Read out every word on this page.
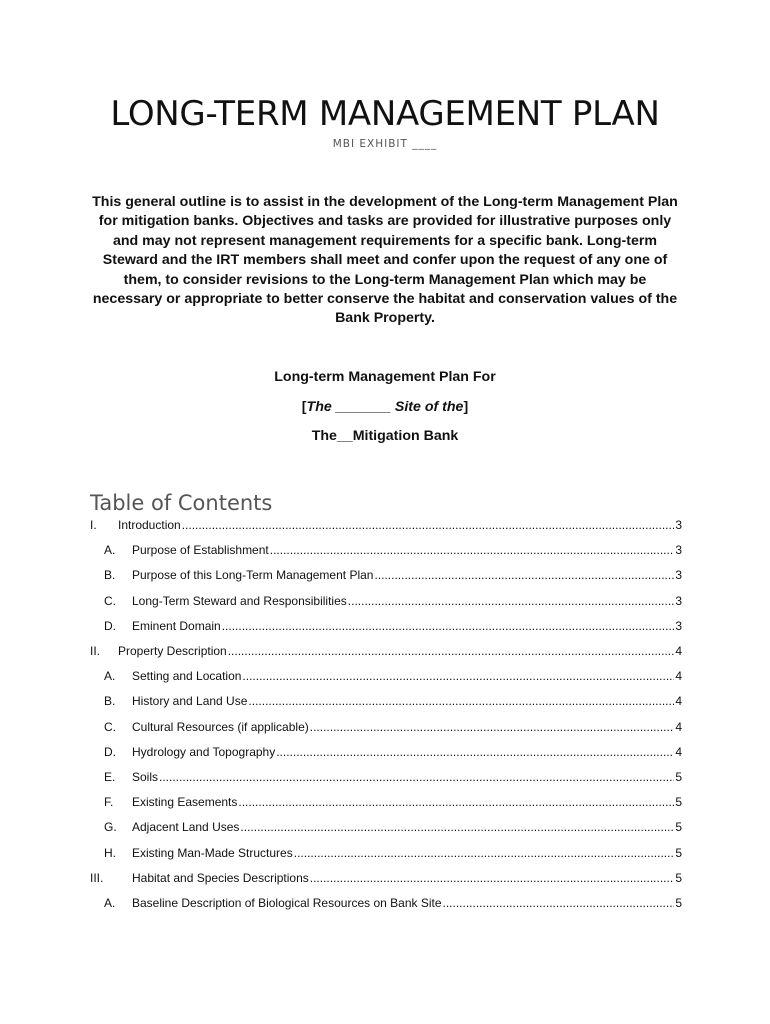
LONG-TERM MANAGEMENT PLAN
MBI EXHIBIT ____

This general outline is to assist in the development of the Long-term Management Plan for mitigation banks. Objectives and tasks are provided for illustrative purposes only and may not represent management requirements for a specific bank. Long-term Steward and the IRT members shall meet and confer upon the request of any one of them, to consider revisions to the Long-term Management Plan which may be necessary or appropriate to better conserve the habitat and conservation values of the Bank Property.

Long-term Management Plan For
[The _______ Site of the]
The__Mitigation Bank
Table of Contents
I.	Introduction .....	3
A.	Purpose of Establishment .....	3
B.	Purpose of this Long-Term Management Plan .....	3
C.	Long-Term Steward and Responsibilities .....	3
D.	Eminent Domain .....	3
II.	Property Description .....	4
A.	Setting and Location .....	4
B.	History and Land Use .....	4
C.	Cultural Resources (if applicable) .....	4
D.	Hydrology and Topography .....	4
E.	Soils .....	5
F.	Existing Easements .....	5
G.	Adjacent Land Uses .....	5
H.	Existing Man-Made Structures .....	5
III.	Habitat and Species Descriptions .....	5
A.	Baseline Description of Biological Resources on Bank Site .....	5
